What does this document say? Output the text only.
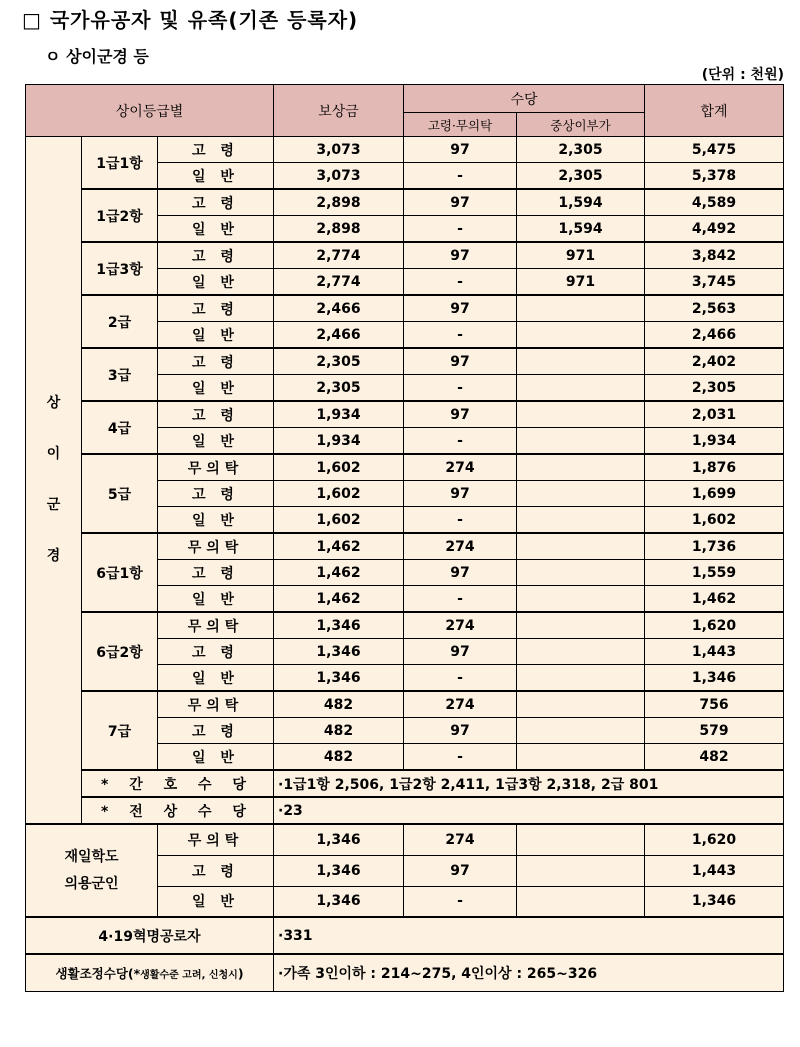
□ 국가유공자 및 유족(기존 등록자)
ㅇ 상이군경 등
(단위 : 천원)
상이등급별			보상금	수당		합계
				고령·무의탁	중상이부가	

상
이
군
경	1급1항	고 령	3,073	97	2,305	5,475
		일 반	3,073	-	2,305	5,378
	1급2항	고 령	2,898	97	1,594	4,589
		일 반	2,898	-	1,594	4,492
	1급3항	고 령	2,774	97	971	3,842
		일 반	2,774	-	971	3,745
	2급	고 령	2,466	97		2,563
		일 반	2,466	-		2,466
	3급	고 령	2,305	97		2,402
		일 반	2,305	-		2,305
	4급	고 령	1,934	97		2,031
		일 반	1,934	-		1,934
	5급	무의탁	1,602	274		1,876
		고 령	1,602	97		1,699
		일 반	1,602	-		1,602
	6급1항	무의탁	1,462	274		1,736
		고 령	1,462	97		1,559
		일 반	1,462	-		1,462
	6급2항	무의탁	1,346	274		1,620
		고 령	1,346	97		1,443
		일 반	1,346	-		1,346
	7급	무의탁	482	274		756
		고 령	482	97		579
		일 반	482	-		482
	* 간 호 수 당		·1급1항 2,506, 1급2항 2,411, 1급3항 2,318, 2급 801			
	* 전 상 수 당		·23			

재일학도
의용군인		무의탁	1,346	274		1,620
		고 령	1,346	97		1,443
		일 반	1,346	-		1,346
4·19혁명공로자			·331			
생활조정수당(*생활수준 고려, 신청시)			·가족 3인이하 : 214~275, 4인이상 : 265~326			
